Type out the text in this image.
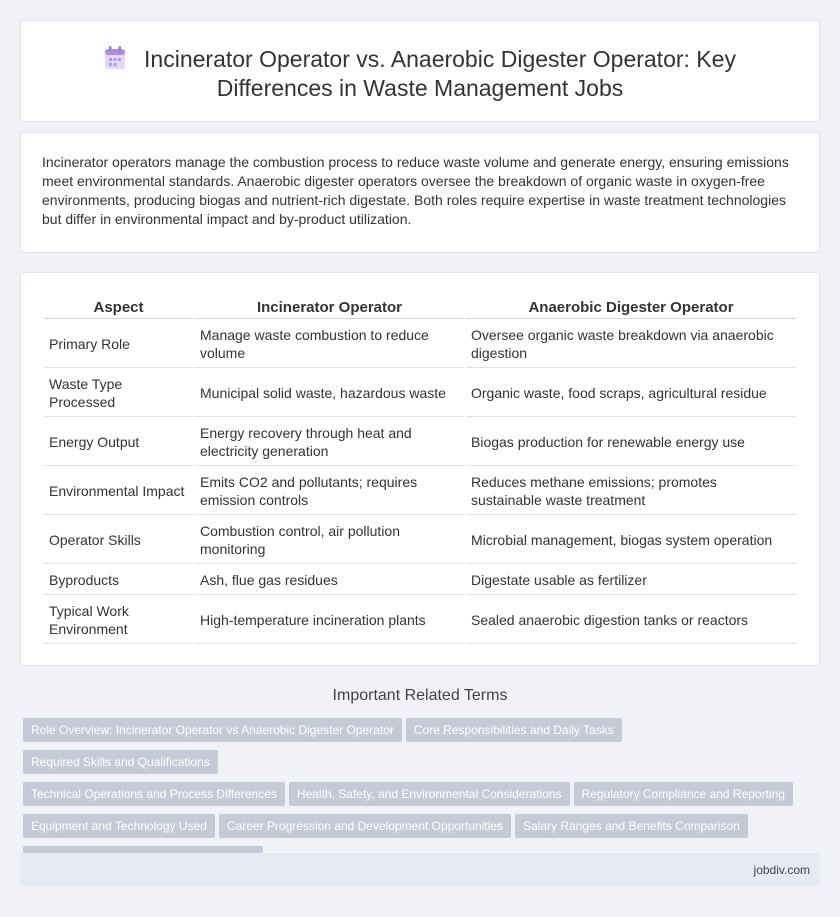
Incinerator Operator vs. Anaerobic Digester Operator: Key Differences in Waste Management Jobs

Incinerator operators manage the combustion process to reduce waste volume and generate energy, ensuring emissions meet environmental standards. Anaerobic digester operators oversee the breakdown of organic waste in oxygen-free environments, producing biogas and nutrient-rich digestate. Both roles require expertise in waste treatment technologies but differ in environmental impact and by-product utilization.

Aspect	Incinerator Operator	Anaerobic Digester Operator
Primary Role	Manage waste combustion to reduce volume	Oversee organic waste breakdown via anaerobic digestion
Waste Type Processed	Municipal solid waste, hazardous waste	Organic waste, food scraps, agricultural residue
Energy Output	Energy recovery through heat and electricity generation	Biogas production for renewable energy use
Environmental Impact	Emits CO2 and pollutants; requires emission controls	Reduces methane emissions; promotes sustainable waste treatment
Operator Skills	Combustion control, air pollution monitoring	Microbial management, biogas system operation
Byproducts	Ash, flue gas residues	Digestate usable as fertilizer
Typical Work Environment	High-temperature incineration plants	Sealed anaerobic digestion tanks or reactors
Important Related Terms
Role Overview: Incinerator Operator vs Anaerobic Digester Operator Core Responsibilities and Daily TasksRequired Skills and Qualifications
Technical Operations and Process Differences Health, Safety, and Environmental Considerations Regulatory Compliance and Reporting
Equipment and Technology Used Career Progression and Development Opportunities Salary Ranges and Benefits Comparison

jobdiv.com
